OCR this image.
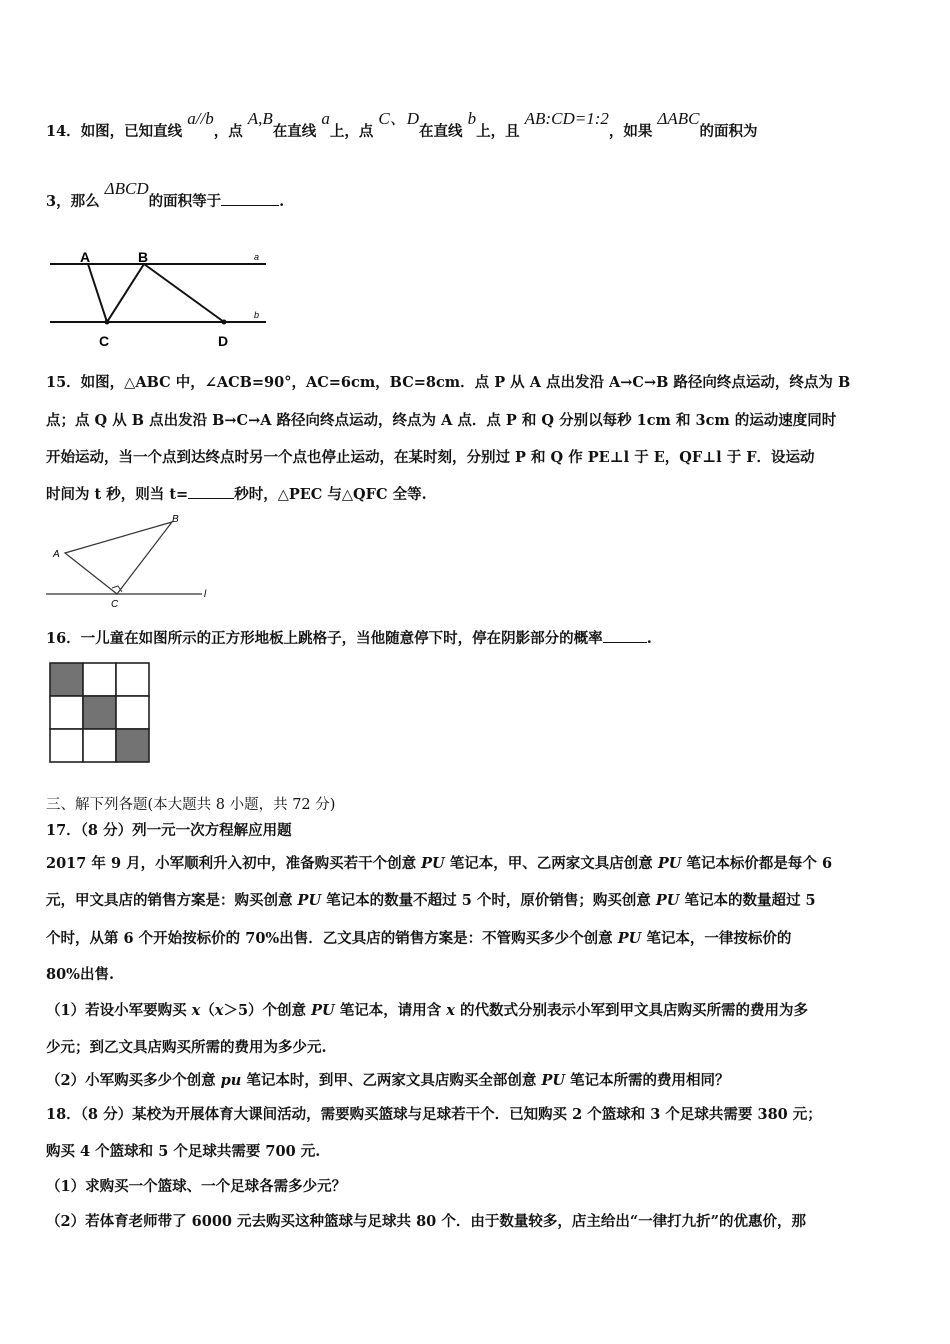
14．如图，已知直线 a//b，点 A,B在直线 a上，点 C、D在直线 b上，且 AB:CD=1:2，如果 ΔABC的面积为
3，那么 ΔBCD的面积等于	.
A	B
C	D
a
b
15．如图，△ABC 中，∠ACB=90°，AC=6cm，BC=8cm．点 P 从 A 点出发沿 A→C→B 路径向终点运动，终点为 B
点；点 Q 从 B 点出发沿 B→C→A 路径向终点运动，终点为 A 点．点 P 和 Q 分别以每秒 1cm 和 3cm 的运动速度同时
开始运动，当一个点到达终点时另一个点也停止运动，在某时刻，分别过 P 和 Q 作 PE⊥l 于 E，QF⊥l 于 F．设运动
时间为 t 秒，则当 t=	秒时，△PEC 与△QFC 全等.
A
B
C
l
16．一儿童在如图所示的正方形地板上跳格子，当他随意停下时，停在阴影部分的概率	.
三、解下列各题(本大题共 8 小题，共 72 分)
17．（8 分）列一元一次方程解应用题
2017 年 9 月，小军顺利升入初中，准备购买若干个创意 PU 笔记本，甲、乙两家文具店创意 PU 笔记本标价都是每个 6
元，甲文具店的销售方案是：购买创意 PU 笔记本的数量不超过 5 个时，原价销售；购买创意 PU 笔记本的数量超过 5
个时，从第 6 个开始按标价的 70%出售．乙文具店的销售方案是：不管购买多少个创意 PU 笔记本，一律按标价的
80%出售.
（1）若设小军要购买 x（x＞5）个创意 PU 笔记本，请用含 x 的代数式分别表示小军到甲文具店购买所需的费用为多
少元；到乙文具店购买所需的费用为多少元.
（2）小军购买多少个创意 pu 笔记本时，到甲、乙两家文具店购买全部创意 PU 笔记本所需的费用相同？
18．（8 分）某校为开展体育大课间活动，需要购买篮球与足球若干个．已知购买 2 个篮球和 3 个足球共需要 380 元；
购买 4 个篮球和 5 个足球共需要 700 元.
（1）求购买一个篮球、一个足球各需多少元？
（2）若体育老师带了 6000 元去购买这种篮球与足球共 80 个．由于数量较多，店主给出“一律打九折”的优惠价，那
